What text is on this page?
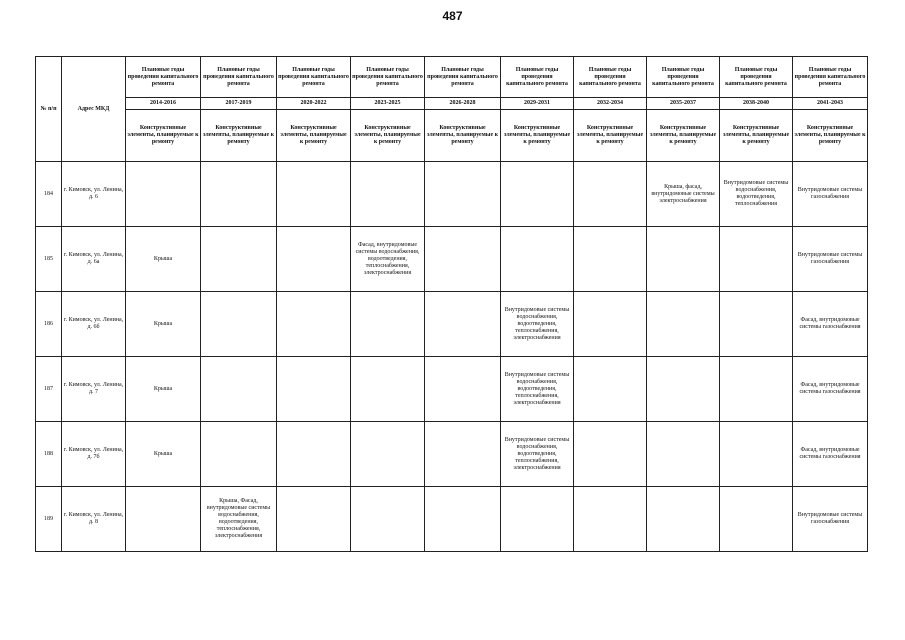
487
№ п/п	Адрес МКД	Плановые годы проведения капитального ремонта	Плановые годы проведения капитального ремонта	Плановые годы проведения капитального ремонта	Плановые годы проведения капитального ремонта	Плановые годы проведения капитального ремонта	Плановые годы проведения капитального ремонта	Плановые годы проведения капитального ремонта	Плановые годы проведения капитального ремонта	Плановые годы проведения капитального ремонта	Плановые годы проведения капитального ремонта
		2014-2016	2017-2019	2020-2022	2023-2025	2026-2028	2029-2031	2032-2034	2035-2037	2038-2040	2041-2043
		Конструктивные элементы, планируемые к ремонту	Конструктивные элементы, планируемые к ремонту	Конструктивные элементы, планируемые к ремонту	Конструктивные элементы, планируемые к ремонту	Конструктивные элементы, планируемые к ремонту	Конструктивные элементы, планируемые к ремонту	Конструктивные элементы, планируемые к ремонту	Конструктивные элементы, планируемые к ремонту	Конструктивные элементы, планируемые к ремонту	Конструктивные элементы, планируемые к ремонту
184	г. Кимовск, ул. Ленина, д. 6								Крыша, фасад, внутридомовые системы электроснабжения	Внутридомовые системы водоснабжения, водоотведения, теплоснабжения	Внутридомовые системы газоснабжения
185	г. Кимовск, ул. Ленина, д. 6а	Крыша			Фасад, внутридомовые системы водоснабжения, водоотведения, теплоснабжения, электроснабжения						Внутридомовые системы газоснабжения
186	г. Кимовск, ул. Ленина, д. 6б	Крыша					Внутридомовые системы водоснабжения, водоотведения, теплоснабжения, электроснабжения				Фасад, внутридомовые системы газоснабжения
187	г. Кимовск, ул. Ленина, д. 7	Крыша					Внутридомовые системы водоснабжения, водоотведения, теплоснабжения, электроснабжения				Фасад, внутридомовые системы газоснабжения
188	г. Кимовск, ул. Ленина, д. 7б	Крыша					Внутридомовые системы водоснабжения, водоотведения, теплоснабжения, электроснабжения				Фасад, внутридомовые системы газоснабжения
189	г. Кимовск, ул. Ленина, д. 8		Крыша, Фасад, внутридомовые системы водоснабжения, водоотведения, теплоснабжения, электроснабжения								Внутридомовые системы газоснабжения
